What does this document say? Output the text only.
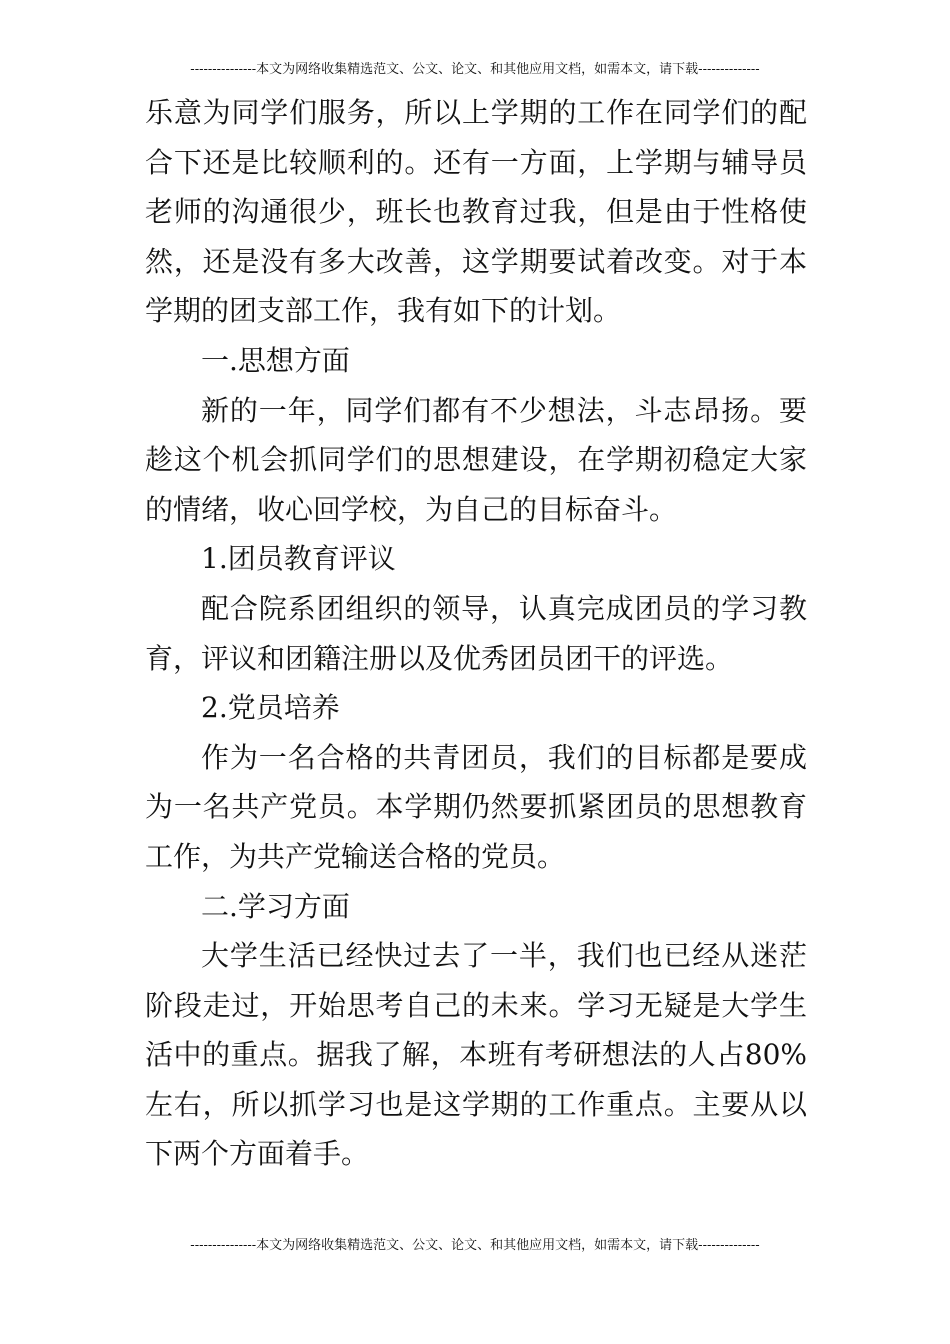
---------------本文为网络收集精选范文、公文、论文、和其他应用文档，如需本文，请下载--------------

乐意为同学们服务，所以上学期的工作在同学们的配合下还是比较顺利的。还有一方面，上学期与辅导员老师的沟通很少，班长也教育过我，但是由于性格使然，还是没有多大改善，这学期要试着改变。对于本学期的团支部工作，我有如下的计划。

一.思想方面

新的一年，同学们都有不少想法，斗志昂扬。要趁这个机会抓同学们的思想建设，在学期初稳定大家的情绪，收心回学校，为自己的目标奋斗。

1.团员教育评议

配合院系团组织的领导，认真完成团员的学习教育，评议和团籍注册以及优秀团员团干的评选。

2.党员培养

作为一名合格的共青团员，我们的目标都是要成为一名共产党员。本学期仍然要抓紧团员的思想教育工作，为共产党输送合格的党员。

二.学习方面

大学生活已经快过去了一半，我们也已经从迷茫阶段走过，开始思考自己的未来。学习无疑是大学生活中的重点。据我了解，本班有考研想法的人占80%左右，所以抓学习也是这学期的工作重点。主要从以下两个方面着手。

---------------本文为网络收集精选范文、公文、论文、和其他应用文档，如需本文，请下载--------------
